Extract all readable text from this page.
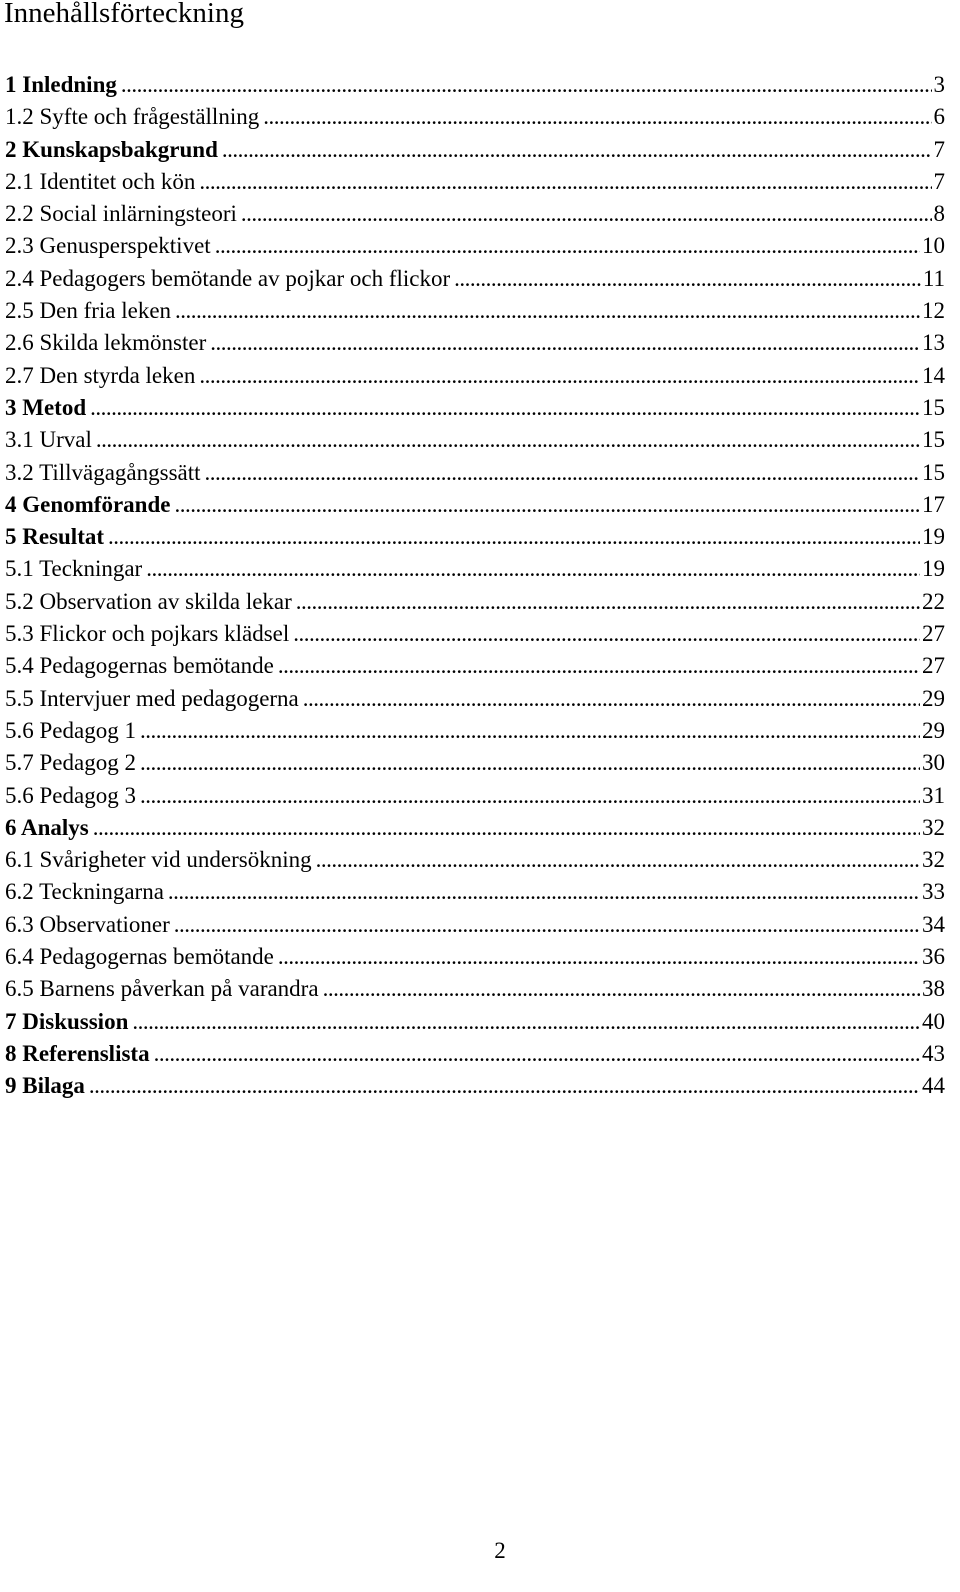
Innehållsförteckning
1 Inledning .....	3
1.2 Syfte och frågeställning .....	6
2 Kunskapsbakgrund .....	7
2.1 Identitet och kön .....	7
2.2 Social inlärningsteori .....	8
2.3 Genusperspektivet .....	10
2.4 Pedagogers bemötande av pojkar och flickor .....	11
2.5 Den fria leken .....	12
2.6 Skilda lekmönster .....	13
2.7 Den styrda leken .....	14
3 Metod .....	15
3.1 Urval .....	15
3.2 Tillvägagångssätt .....	15
4 Genomförande .....	17
5 Resultat .....	19
5.1 Teckningar .....	19
5.2 Observation av skilda lekar .....	22
5.3 Flickor och pojkars klädsel .....	27
5.4 Pedagogernas bemötande .....	27
5.5 Intervjuer med pedagogerna .....	29
5.6 Pedagog 1 .....	29
5.7 Pedagog 2 .....	30
5.6 Pedagog 3 .....	31
6 Analys .....	32
6.1 Svårigheter vid undersökning .....	32
6.2 Teckningarna .....	33
6.3 Observationer .....	34
6.4 Pedagogernas bemötande .....	36
6.5 Barnens påverkan på varandra .....	38
7 Diskussion .....	40
8 Referenslista .....	43
9 Bilaga .....	44
2
